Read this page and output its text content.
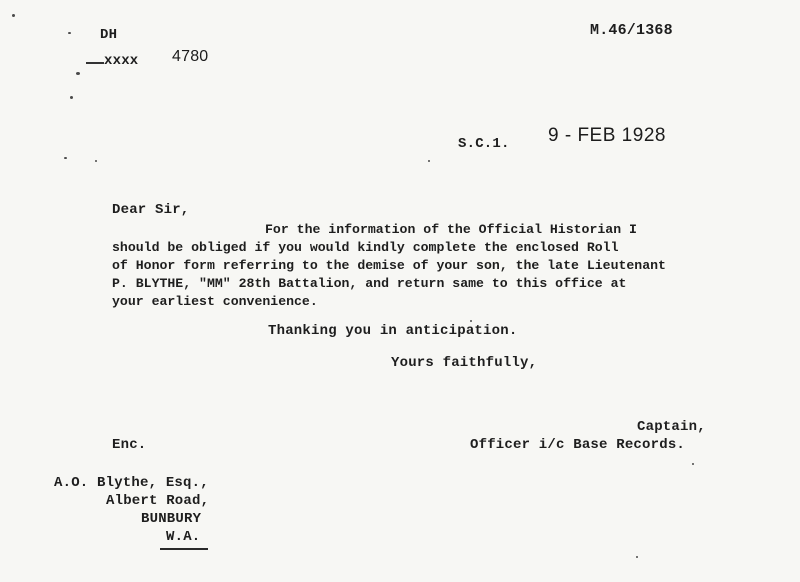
DH
xxxx 4780
M.46/1368
S.C.1. 9 - FEB 1928
Dear Sir,
For the information of the Official Historian I
should be obliged if you would kindly complete the enclosed Roll
of Honor form referring to the demise of your son, the late Lieutenant
P. BLYTHE, "MM" 28th Battalion, and return same to this office at
your earliest convenience.
Thanking you in anticipation.
Yours faithfully,
Captain,
Officer i/c Base Records.
Enc.
A.O. Blythe, Esq.,
Albert Road,
BUNBURY
W.A.
